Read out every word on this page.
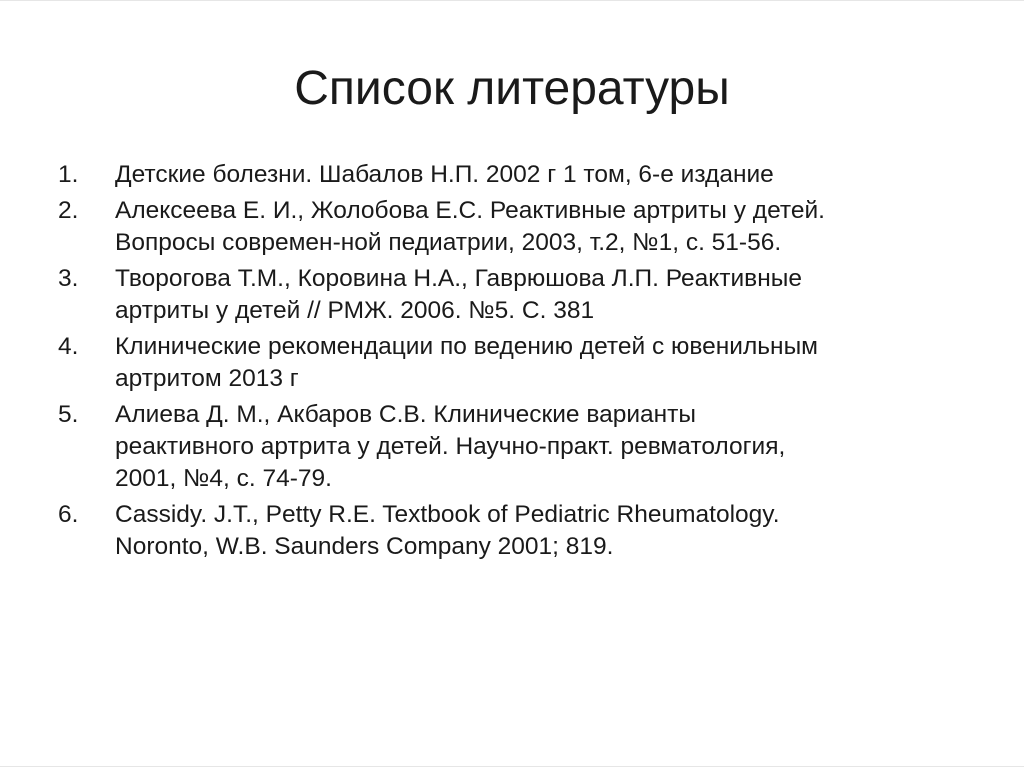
Список литературы
1.	Детские болезни. Шабалов Н.П. 2002 г 1 том, 6-е издание
2.	Алексеева Е. И., Жолобова Е.С. Реактивные артриты у детей.
Вопросы современ-ной педиатрии, 2003, т.2, №1, с. 51-56.
3.	Творогова Т.М., Коровина Н.А., Гаврюшова Л.П. Реактивные
артриты у детей // РМЖ. 2006. №5. С. 381
4.	Клинические рекомендации по ведению детей с ювенильным
артритом 2013 г
5.	Алиева Д. М., Акбаров С.В. Клинические варианты
реактивного артрита у детей. Научно-практ. ревматология,
2001, №4, с. 74-79.
6.	Cassidy. J.T., Petty R.E. Textbook of Pediatric Rheumatology.
Noronto, W.B. Saunders Company 2001; 819.
